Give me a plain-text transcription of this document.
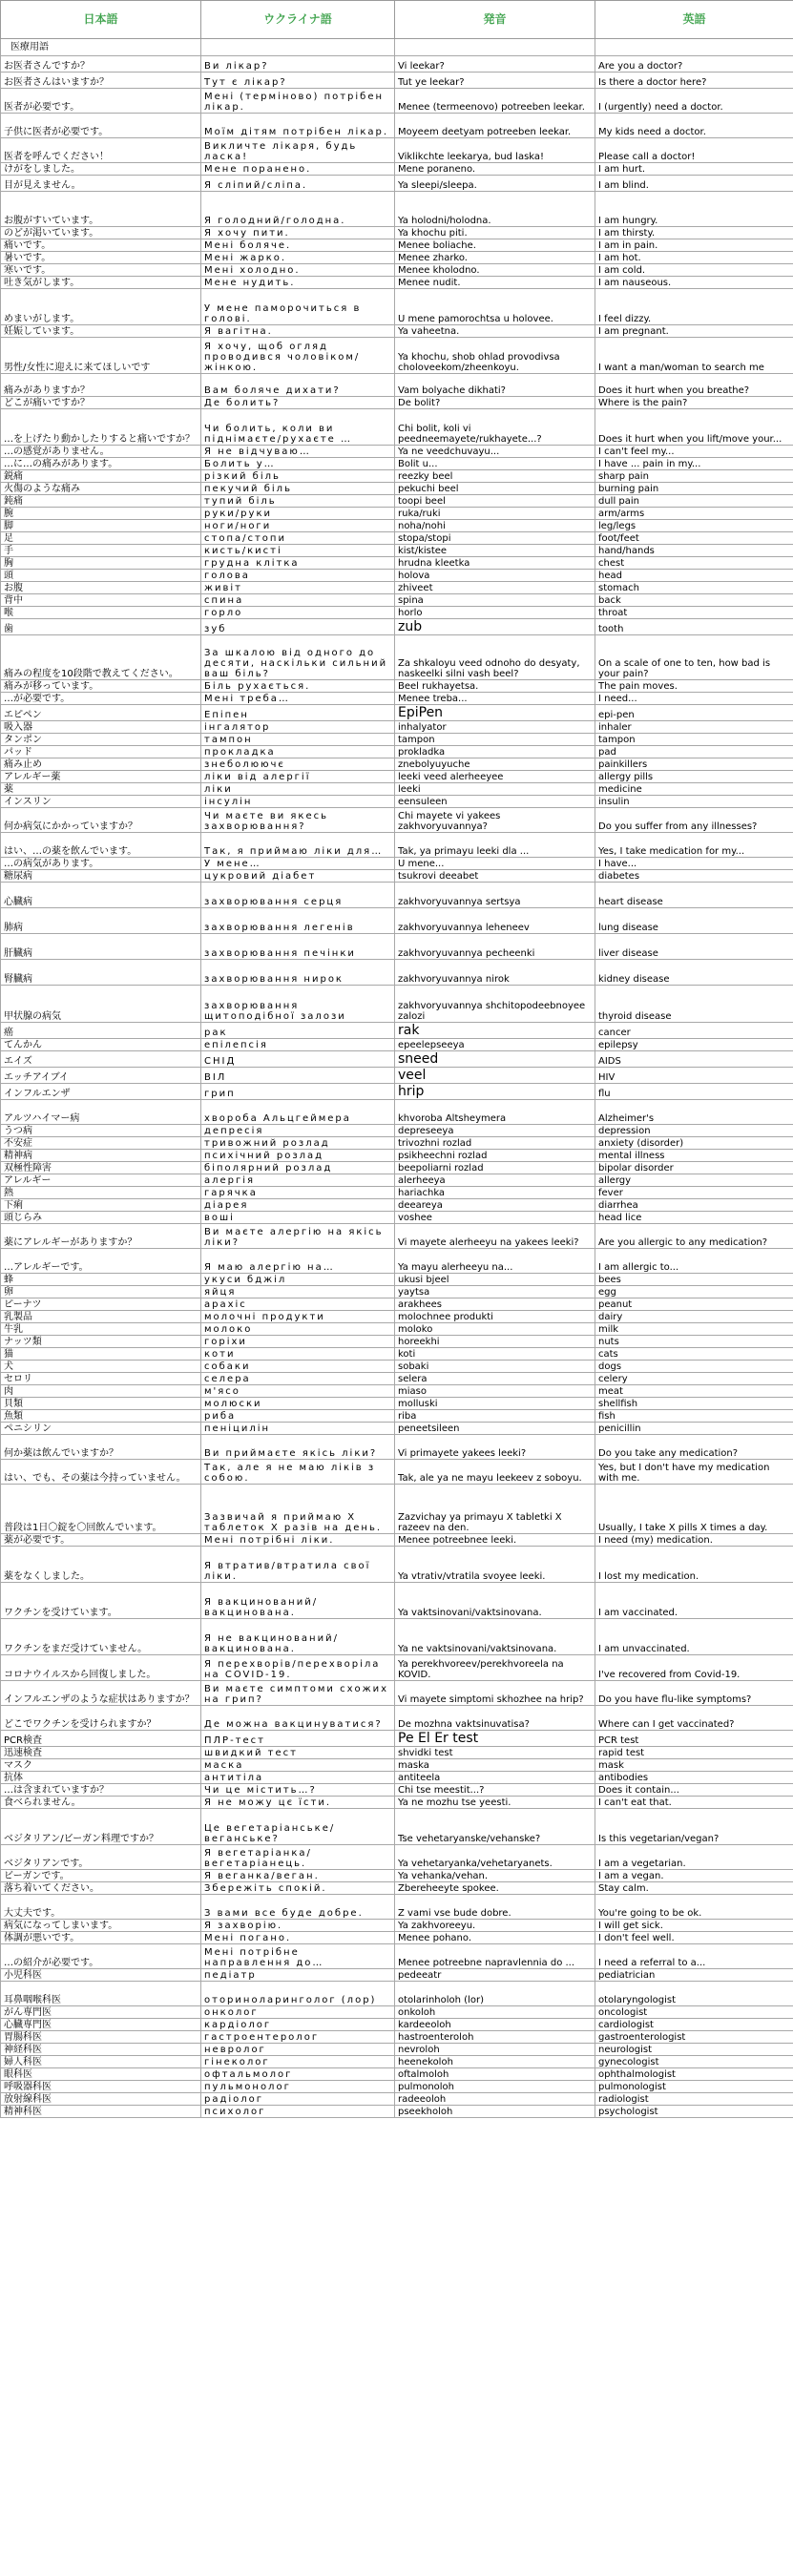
日本語	ウクライナ語	発音	英語
医療用語			
お医者さんですか？	Ви лікар?	Vi leekar?	Are you a doctor?
お医者さんはいますか？	Тут є лікар?	Tut ye leekar?	Is there a doctor here?
医者が必要です。	Мені (терміново) потрібен лікар.	Menee (termeenovo) potreeben leekar.	I (urgently) need a doctor.
子供に医者が必要です。	Моїм дітям потрібен лікар.	Moyeem deetyam potreeben leekar.	My kids need a doctor.
医者を呼んでください！	Викличте лікаря, будь ласка!	Viklikchte leekarya, bud laska!	Please call a doctor!
けがをしました。	Мене поранено.	Mene poraneno.	I am hurt.
目が見えません。	Я сліпий/сліпа.	Ya sleepi/sleepa.	I am blind.
お腹がすいています。	Я голодний/голодна.	Ya holodni/holodna.	I am hungry.
のどが渇いています。	Я хочу пити.	Ya khochu piti.	I am thirsty.
痛いです。	Мені боляче.	Menee boliache.	I am in pain.
暑いです。	Мені жарко.	Menee zharko.	I am hot.
寒いです。	Мені холодно.	Menee kholodno.	I am cold.
吐き気がします。	Мене нудить.	Menee nudit.	I am nauseous.
めまいがします。	У мене паморочиться в голові.	U mene pamorochtsa u holovee.	I feel dizzy.
妊娠しています。	Я вагітна.	Ya vaheetna.	I am pregnant.
男性/女性に迎えに来てほしいです	Я хочу, щоб огляд проводився чоловіком/жінкою.	Ya khochu, shob ohlad provodivsa choloveekom/zheenkoyu.	I want a man/woman to search me
痛みがありますか？	Вам боляче дихати?	Vam bolyache dikhati?	Does it hurt when you breathe?
どこが痛いですか？	Де болить?	De bolit?	Where is the pain?
…を上げたり動かしたりすると痛いですか？	Чи болить, коли ви піднімаєте/рухаєте …	Chi bolit, koli vi peedneemayete/rukhayete...?	Does it hurt when you lift/move your...
…の感覚がありません。	Я не відчуваю…	Ya ne veedchuvayu...	I can't feel my...
…に…の痛みがあります。	Болить у…	Bolit u...	I have ... pain in my...
鋭痛	різкий біль	reezky beel	sharp pain
火傷のような痛み	пекучий біль	pekuchi beel	burning pain
鈍痛	тупий біль	toopi beel	dull pain
腕	руки/руки	ruka/ruki	arm/arms
脚	ноги/ноги	noha/nohi	leg/legs
足	стопа/стопи	stopa/stopi	foot/feet
手	кисть/кисті	kist/kistee	hand/hands
胸	грудна клітка	hrudna kleetka	chest
頭	голова	holova	head
お腹	живіт	zhiveet	stomach
背中	спина	spina	back
喉	горло	horlo	throat
歯	зуб	zub	tooth
痛みの程度を10段階で教えてください。	За шкалою від одного до десяти, наскільки сильний ваш біль?	Za shkaloyu veed odnoho do desyaty, naskeelki silni vash beel?	On a scale of one to ten, how bad is your pain?
痛みが移っています。	Біль рухається.	Beel rukhayetsa.	The pain moves.
…が必要です。	Мені треба…	Menee treba...	I need...
エピペン	Епіпен	EpiPen	epi-pen
吸入器	інгалятор	inhalyator	inhaler
タンポン	тампон	tampon	tampon
パッド	прокладка	prokladka	pad
痛み止め	знеболюючє	znebolyuyuche	painkillers
アレルギー薬	ліки від алергії	leeki veed alerheeyee	allergy pills
薬	ліки	leeki	medicine
インスリン	інсулін	eensuleen	insulin
何か病気にかかっていますか？	Чи маєте ви якесь захворювання?	Chi mayete vi yakees zakhvoryuvannya?	Do you suffer from any illnesses?
はい、…の薬を飲んでいます。	Так, я приймаю ліки для…	Tak, ya primayu leeki dla ...	Yes, I take medication for my...
…の病気があります。	У мене…	U mene...	I have...
糖尿病	цукровий діабет	tsukrovi deeabet	diabetes
心臓病	захворювання серця	zakhvoryuvannya sertsya	heart disease
肺病	захворювання легенів	zakhvoryuvannya leheneev	lung disease
肝臓病	захворювання печінки	zakhvoryuvannya pecheenki	liver disease
腎臓病	захворювання нирок	zakhvoryuvannya nirok	kidney disease
甲状腺の病気	захворювання щитоподібної залози	zakhvoryuvannya shchitopodeebnoyee zalozi	thyroid disease
癌	рак	rak	cancer
てんかん	епілепсія	epeelepseeya	epilepsy
エイズ	СНІД	sneed	AIDS
エッチアイブイ	ВІЛ	veel	HIV
インフルエンザ	грип	hrip	flu
アルツハイマー病	хвороба Альцгеймера	khvoroba Altsheymera	Alzheimer's
うつ病	депресія	depreseeya	depression
不安症	тривожний розлад	trivozhni rozlad	anxiety (disorder)
精神病	психічний розлад	psikheechni rozlad	mental illness
双極性障害	біполярний розлад	beepoliarni rozlad	bipolar disorder
アレルギー	алергія	alerheeya	allergy
熱	гарячка	hariachka	fever
下痢	діарея	deeareya	diarrhea
頭じらみ	воші	voshee	head lice
薬にアレルギーがありますか？	Ви маєте алергію на якісь ліки?	Vi mayete alerheeyu na yakees leeki?	Are you allergic to any medication?
…アレルギーです。	Я маю алергію на…	Ya mayu alerheeyu na...	I am allergic to...
蜂	укуси бджіл	ukusi bjeel	bees
卵	яйця	yaytsa	egg
ピーナツ	арахіс	arakhees	peanut
乳製品	молочні продукти	molochnee produkti	dairy
牛乳	молоко	moloko	milk
ナッツ類	горіхи	horeekhi	nuts
猫	коти	koti	cats
犬	собаки	sobaki	dogs
セロリ	селера	selera	celery
肉	м'ясо	miaso	meat
貝類	молюски	molluski	shellfish
魚類	риба	riba	fish
ペニシリン	пеніцилін	peneetsileen	penicillin
何か薬は飲んでいますか？	Ви приймаєте якісь ліки?	Vi primayete yakees leeki?	Do you take any medication?
はい、でも、その薬は今持っていません。	Так, але я не маю ліків з собою.	Tak, ale ya ne mayu leekeev z soboyu.	Yes, but I don't have my medication with me.
普段は1日〇錠を〇回飲んでいます。	Зазвичай я приймаю Х таблеток Х разів на день.	Zazvichay ya primayu X tabletki X razeev na den.	Usually, I take X pills X times a day.
薬が必要です。	Мені потрібні ліки.	Menee potreebnee leeki.	I need (my) medication.
薬をなくしました。	Я втратив/втратила свої ліки.	Ya vtrativ/vtratila svoyee leeki.	I lost my medication.
ワクチンを受けています。	Я вакцинований/вакцинована.	Ya vaktsinovani/vaktsinovana.	I am vaccinated.
ワクチンをまだ受けていません。	Я не вакцинований/вакцинована.	Ya ne vaktsinovani/vaktsinovana.	I am unvaccinated.
コロナウイルスから回復しました。	Я перехворів/перехворіла на COVID-19.	Ya perekhvoreev/perekhvoreela na KOVID.	I've recovered from Covid-19.
インフルエンザのような症状はありますか？	Ви маєте симптоми схожих на грип?	Vi mayete simptomi skhozhee na hrip?	Do you have flu-like symptoms?
どこでワクチンを受けられますか？	Де можна вакцинуватися?	De mozhna vaktsinuvatisa?	Where can I get vaccinated?
PCR検査	ПЛР-тест	Pe El Er test	PCR test
迅速検査	швидкий тест	shvidki test	rapid test
マスク	маска	maska	mask
抗体	антитіла	antiteela	antibodies
…は含まれていますか？	Чи це містить…?	Chi tse meestit...?	Does it contain...
食べられません。	Я не можу цє їсти.	Ya ne mozhu tse yeesti.	I can't eat that.
ベジタリアン/ビーガン料理ですか？	Це вегетаріанське/веганське?	Tse vehetaryanske/vehanske?	Is this vegetarian/vegan?
ベジタリアンです。	Я вегетаріанка/вегетаріанець.	Ya vehetaryanka/vehetaryanets.	I am a vegetarian.
ビーガンです。	Я веганка/веган.	Ya vehanka/vehan.	I am a vegan.
落ち着いてください。	Збережіть спокій.	Zbereheeyte spokee.	Stay calm.
大丈夫です。	З вами все буде добре.	Z vami vse bude dobre.	You're going to be ok.
病気になってしまいます。	Я захворію.	Ya zakhvoreeyu.	I will get sick.
体調が悪いです。	Мені погано.	Menee pohano.	I don't feel well.
…の紹介が必要です。	Мені потрібне направлення до…	Menee potreebne napravlennia do ...	I need a referral to a...
小児科医	педіатр	pedeeatr	pediatrician
耳鼻咽喉科医	оториноларинголог (лор)	otolarinholoh (lor)	otolaryngologist
がん専門医	онколог	onkoloh	oncologist
心臓専門医	кардіолог	kardeeoloh	cardiologist
胃腸科医	гастроентеролог	hastroenteroloh	gastroenterologist
神経科医	невролог	nevroloh	neurologist
婦人科医	гінеколог	heenekoloh	gynecologist
眼科医	офтальмолог	oftalmoloh	ophthalmologist
呼吸器科医	пульмонолог	pulmonoloh	pulmonologist
放射線科医	радіолог	radeeoloh	radiologist
精神科医	психолог	pseekholoh	psychologist
